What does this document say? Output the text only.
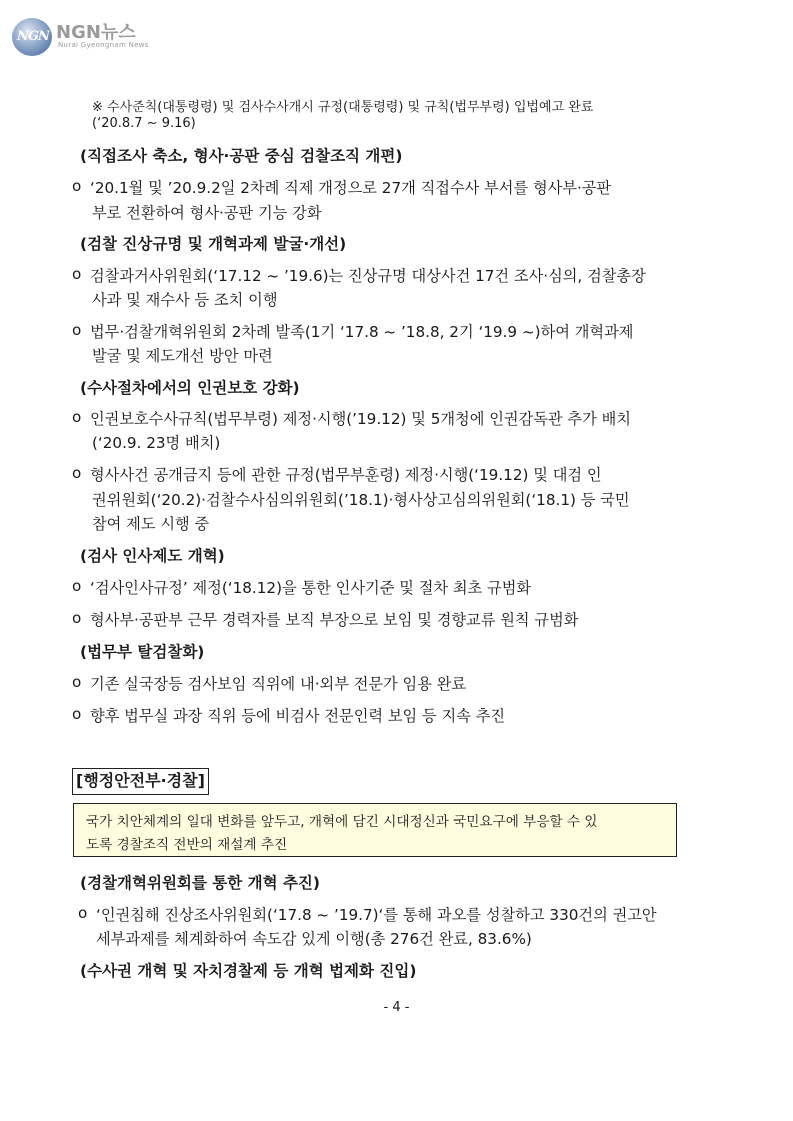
NGN NGN뉴스
Nurai Gyeongnam News
※ 수사준칙(대통령령) 및 검사수사개시 규정(대통령령) 및 규칙(법무부령) 입법예고 완료
(‘20.8.7 ~ 9.16)
(직접조사 축소, 형사·공판 중심 검찰조직 개편)
o ‘20.1월 및 ’20.9.2일 2차례 직제 개정으로 27개 직접수사 부서를 형사부·공판
부로 전환하여 형사·공판 기능 강화
(검찰 진상규명 및 개혁과제 발굴·개선)
o 검찰과거사위원회(‘17.12 ~ ’19.6)는 진상규명 대상사건 17건 조사·심의, 검찰총장
사과 및 재수사 등 조치 이행
o 법무·검찰개혁위원회 2차례 발족(1기 ‘17.8 ~ ’18.8, 2기 ‘19.9 ~)하여 개혁과제
발굴 및 제도개선 방안 마련
(수사절차에서의 인권보호 강화)
o 인권보호수사규칙(법무부령) 제정·시행(’19.12) 및 5개청에 인권감독관 추가 배치
(‘20.9. 23명 배치)
o 형사사건 공개금지 등에 관한 규정(법무부훈령) 제정·시행(‘19.12) 및 대검 인
권위원회(‘20.2)·검찰수사심의위원회(’18.1)·형사상고심의위원회(‘18.1) 등 국민
참여 제도 시행 중
(검사 인사제도 개혁)
o ‘검사인사규정’ 제정(‘18.12)을 통한 인사기준 및 절차 최초 규범화
o 형사부·공판부 근무 경력자를 보직 부장으로 보임 및 경향교류 원칙 규범화
(법무부 탈검찰화)
o 기존 실국장등 검사보임 직위에 내·외부 전문가 임용 완료
o 향후 법무실 과장 직위 등에 비검사 전문인력 보임 등 지속 추진
[행정안전부·경찰]
국가 치안체계의 일대 변화를 앞두고, 개혁에 담긴 시대정신과 국민요구에 부응할 수 있
도록 경찰조직 전반의 재설계 추진
(경찰개혁위원회를 통한 개혁 추진)
o ‘인권침해 진상조사위원회(‘17.8 ~ ’19.7)‘를 통해 과오를 성찰하고 330건의 권고안
세부과제를 체계화하여 속도감 있게 이행(총 276건 완료, 83.6%)
(수사권 개혁 및 자치경찰제 등 개혁 법제화 진입)
- 4 -
